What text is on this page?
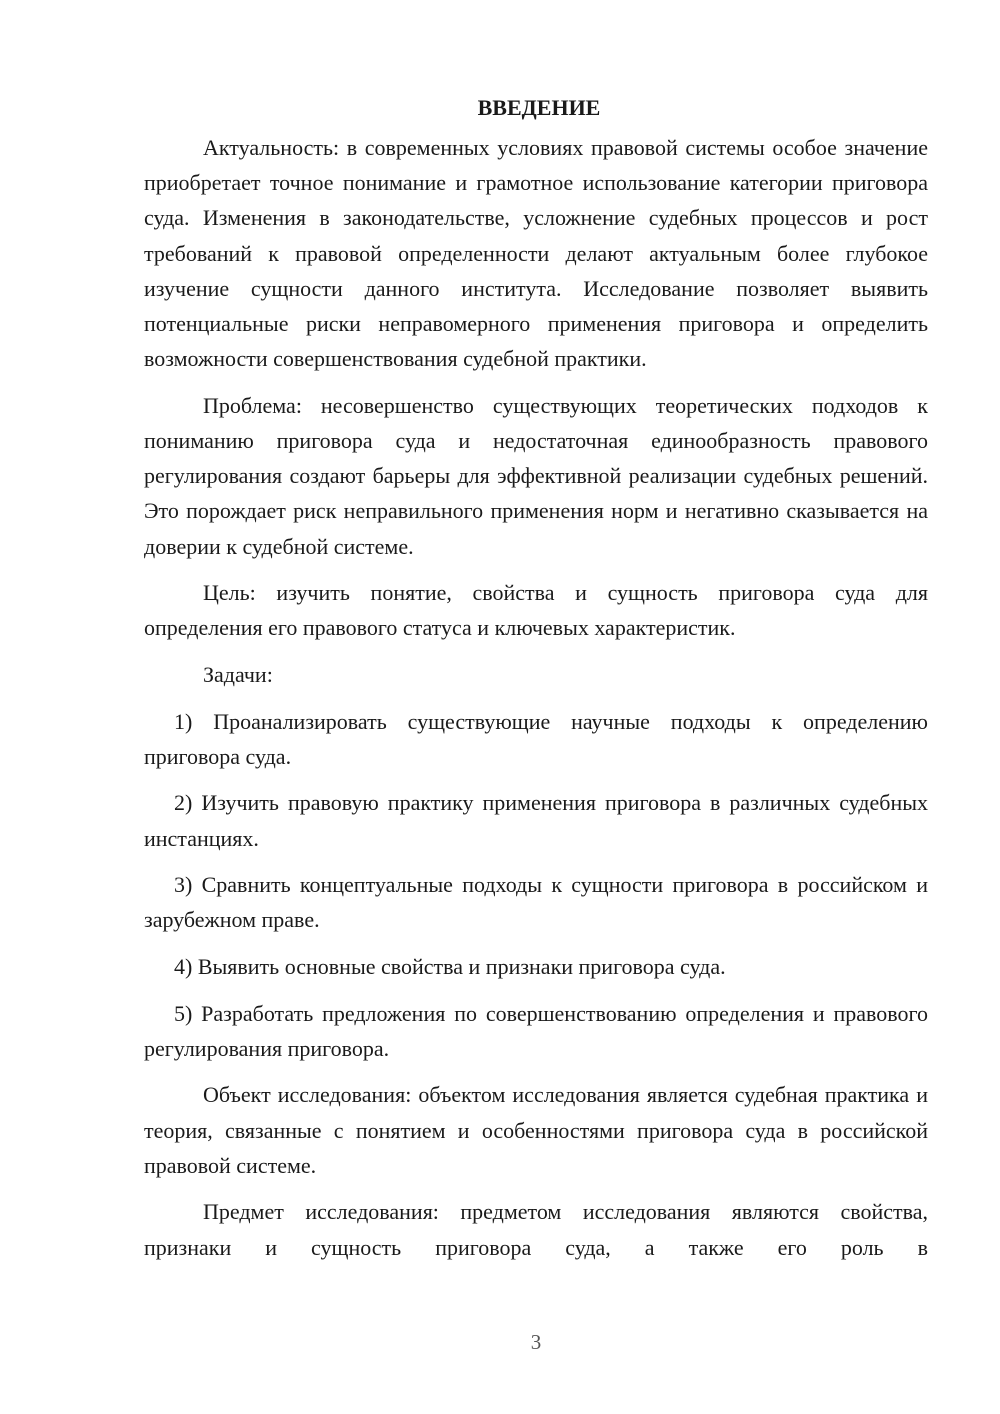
ВВЕДЕНИЕ

Актуальность: в современных условиях правовой системы особое значение приобретает точное понимание и грамотное использование категории приговора суда. Изменения в законодательстве, усложнение судебных процессов и рост требований к правовой определенности делают актуальным более глубокое изучение сущности данного института. Исследование позволяет выявить потенциальные риски неправомерного применения приговора и определить возможности совершенствования судебной практики.

Проблема: несовершенство существующих теоретических подходов к пониманию приговора суда и недостаточная единообразность правового регулирования создают барьеры для эффективной реализации судебных решений. Это порождает риск неправильного применения норм и негативно сказывается на доверии к судебной системе.

Цель: изучить понятие, свойства и сущность приговора суда для определения его правового статуса и ключевых характеристик.

Задачи:

1) Проанализировать существующие научные подходы к определению приговора суда.

2) Изучить правовую практику применения приговора в различных судебных инстанциях.

3) Сравнить концептуальные подходы к сущности приговора в российском и зарубежном праве.

4) Выявить основные свойства и признаки приговора суда.

5) Разработать предложения по совершенствованию определения и правового регулирования приговора.

Объект исследования: объектом исследования является судебная практика и теория, связанные с понятием и особенностями приговора суда в российской правовой системе.

Предмет исследования: предметом исследования являются свойства, признаки и сущность приговора суда, а также его роль в

3
